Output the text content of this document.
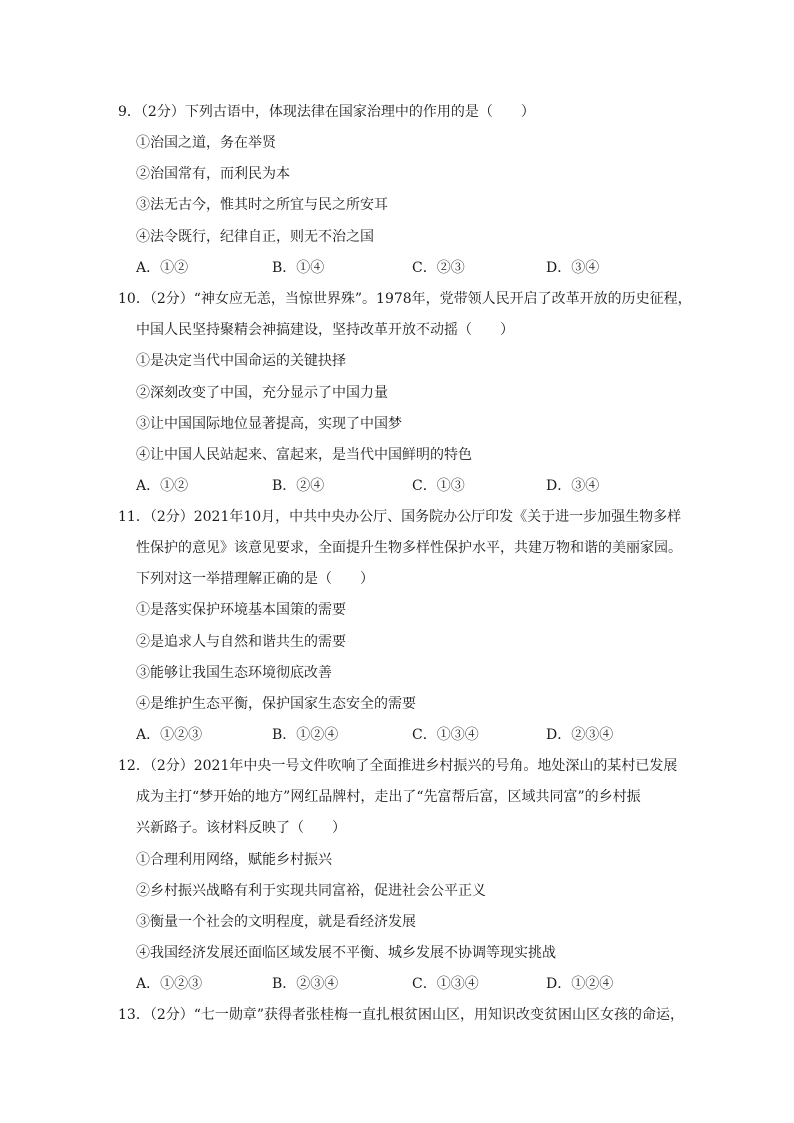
9．（2分）下列古语中，体现法律在国家治理中的作用的是（　　）
①治国之道，务在举贤
②治国常有，而利民为本
③法无古今，惟其时之所宜与民之所安耳
④法令既行，纪律自正，则无不治之国
A．①②	B．①④	C．②③	D．③④
10．（2分）“神女应无恙，当惊世界殊”。1978年，党带领人民开启了改革开放的历史征程，
中国人民坚持聚精会神搞建设，坚持改革开放不动摇（　　）
①是决定当代中国命运的关键抉择
②深刻改变了中国，充分显示了中国力量
③让中国国际地位显著提高，实现了中国梦
④让中国人民站起来、富起来，是当代中国鲜明的特色
A．①②	B．②④	C．①③	D．③④
11．（2分）2021年10月，中共中央办公厅、国务院办公厅印发《关于进一步加强生物多样
性保护的意见》该意见要求，全面提升生物多样性保护水平，共建万物和谐的美丽家园。
下列对这一举措理解正确的是（　　）
①是落实保护环境基本国策的需要
②是追求人与自然和谐共生的需要
③能够让我国生态环境彻底改善
④是维护生态平衡，保护国家生态安全的需要
A．①②③	B．①②④	C．①③④	D．②③④
12．（2分）2021年中央一号文件吹响了全面推进乡村振兴的号角。地处深山的某村已发展
成为主打“梦开始的地方”网红品牌村，走出了“先富帮后富，区域共同富”的乡村振
兴新路子。该材料反映了（　　）
①合理利用网络，赋能乡村振兴
②乡村振兴战略有利于实现共同富裕，促进社会公平正义
③衡量一个社会的文明程度，就是看经济发展
④我国经济发展还面临区域发展不平衡、城乡发展不协调等现实挑战
A．①②③	B．②③④	C．①③④	D．①②④
13．（2分）“七一勋章”获得者张桂梅一直扎根贫困山区，用知识改变贫困山区女孩的命运，
